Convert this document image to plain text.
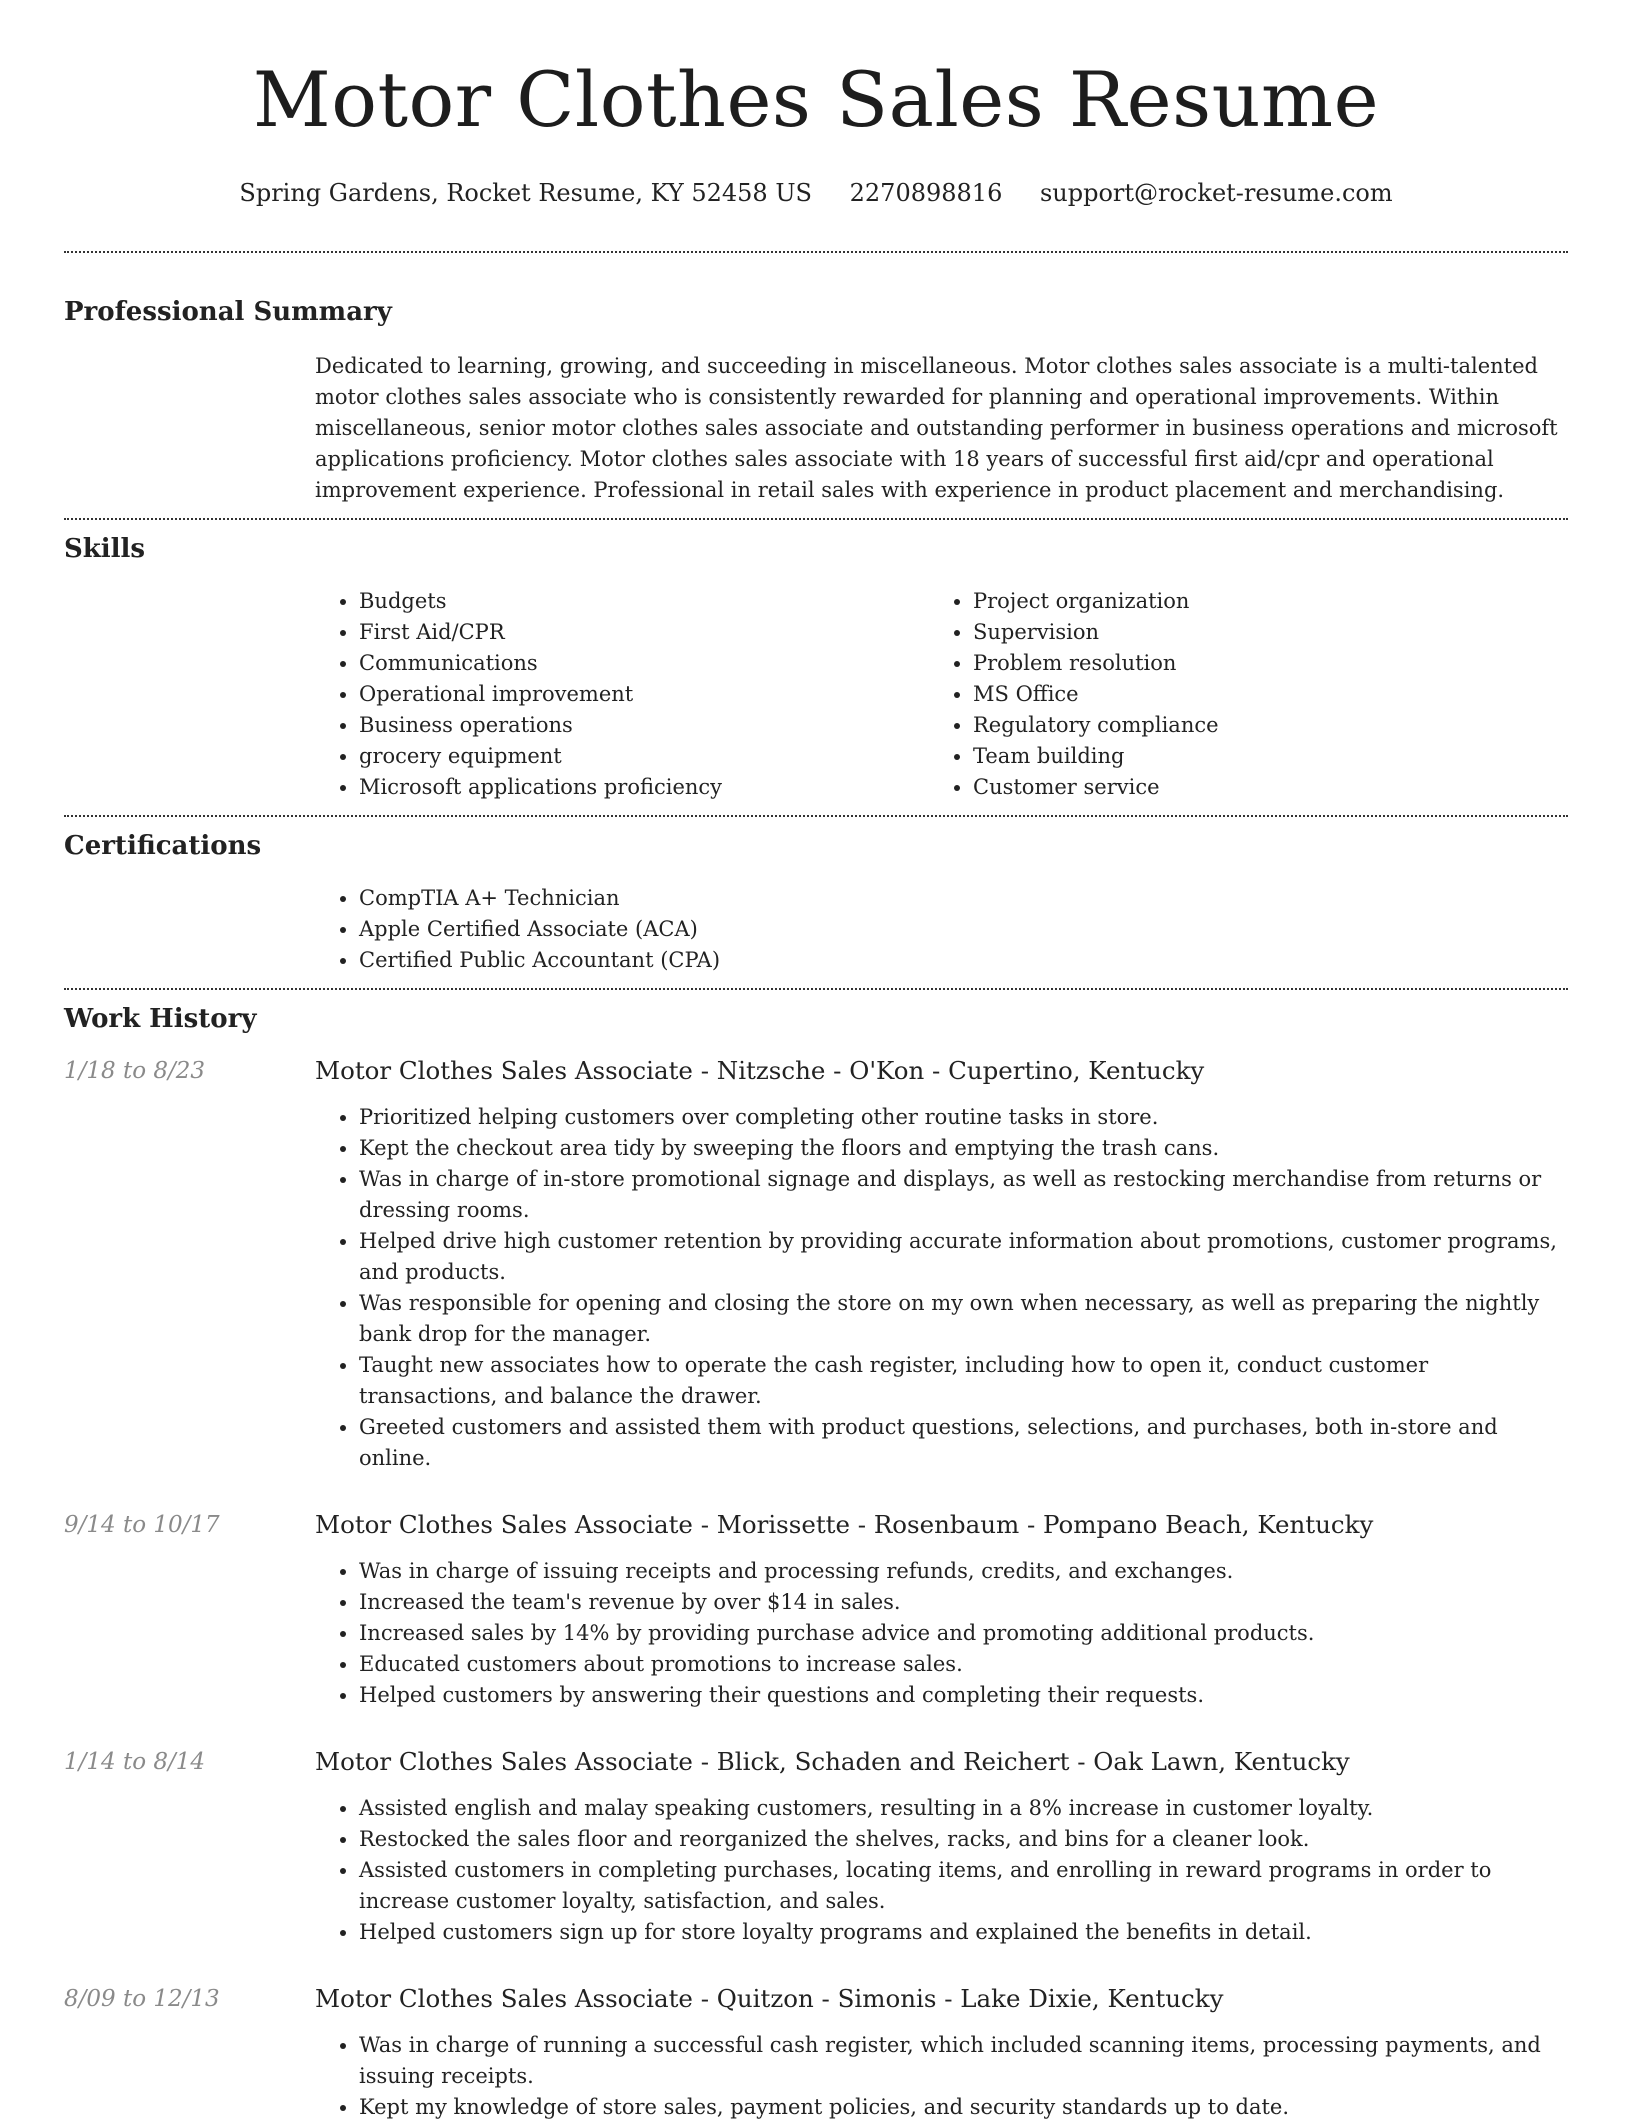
Motor Clothes Sales Resume
Spring Gardens, Rocket Resume, KY 52458 US 2270898816 support@rocket-resume.com
Professional Summary

Dedicated to learning, growing, and succeeding in miscellaneous. Motor clothes sales associate is a multi-talented motor clothes sales associate who is consistently rewarded for planning and operational improvements. Within miscellaneous, senior motor clothes sales associate and outstanding performer in business operations and microsoft applications proficiency. Motor clothes sales associate with 18 years of successful first aid/cpr and operational improvement experience. Professional in retail sales with experience in product placement and merchandising.

Skills
• Budgets
• First Aid/CPR
• Communications
• Operational improvement
• Business operations
• grocery equipment
• Microsoft applications proficiency
• Project organization
• Supervision
• Problem resolution
• MS Office
• Regulatory compliance
• Team building
• Customer service
Certifications
• CompTIA A+ Technician
• Apple Certified Associate (ACA)
• Certified Public Accountant (CPA)
Work History
1/18 to 8/23	Motor Clothes Sales Associate - Nitzsche - O'Kon - Cupertino, Kentucky
• Prioritized helping customers over completing other routine tasks in store.
• Kept the checkout area tidy by sweeping the floors and emptying the trash cans.
• Was in charge of in-store promotional signage and displays, as well as restocking merchandise from returns or dressing rooms.
• Helped drive high customer retention by providing accurate information about promotions, customer programs, and products.
• Was responsible for opening and closing the store on my own when necessary, as well as preparing the nightly bank drop for the manager.
• Taught new associates how to operate the cash register, including how to open it, conduct customer transactions, and balance the drawer.
• Greeted customers and assisted them with product questions, selections, and purchases, both in-store and online.
9/14 to 10/17	Motor Clothes Sales Associate - Morissette - Rosenbaum - Pompano Beach, Kentucky
• Was in charge of issuing receipts and processing refunds, credits, and exchanges.
• Increased the team's revenue by over $14 in sales.
• Increased sales by 14% by providing purchase advice and promoting additional products.
• Educated customers about promotions to increase sales.
• Helped customers by answering their questions and completing their requests.
1/14 to 8/14	Motor Clothes Sales Associate - Blick, Schaden and Reichert - Oak Lawn, Kentucky
• Assisted english and malay speaking customers, resulting in a 8% increase in customer loyalty.
• Restocked the sales floor and reorganized the shelves, racks, and bins for a cleaner look.
• Assisted customers in completing purchases, locating items, and enrolling in reward programs in order to increase customer loyalty, satisfaction, and sales.
• Helped customers sign up for store loyalty programs and explained the benefits in detail.
8/09 to 12/13	Motor Clothes Sales Associate - Quitzon - Simonis - Lake Dixie, Kentucky
• Was in charge of running a successful cash register, which included scanning items, processing payments, and issuing receipts.
• Kept my knowledge of store sales, payment policies, and security standards up to date.
